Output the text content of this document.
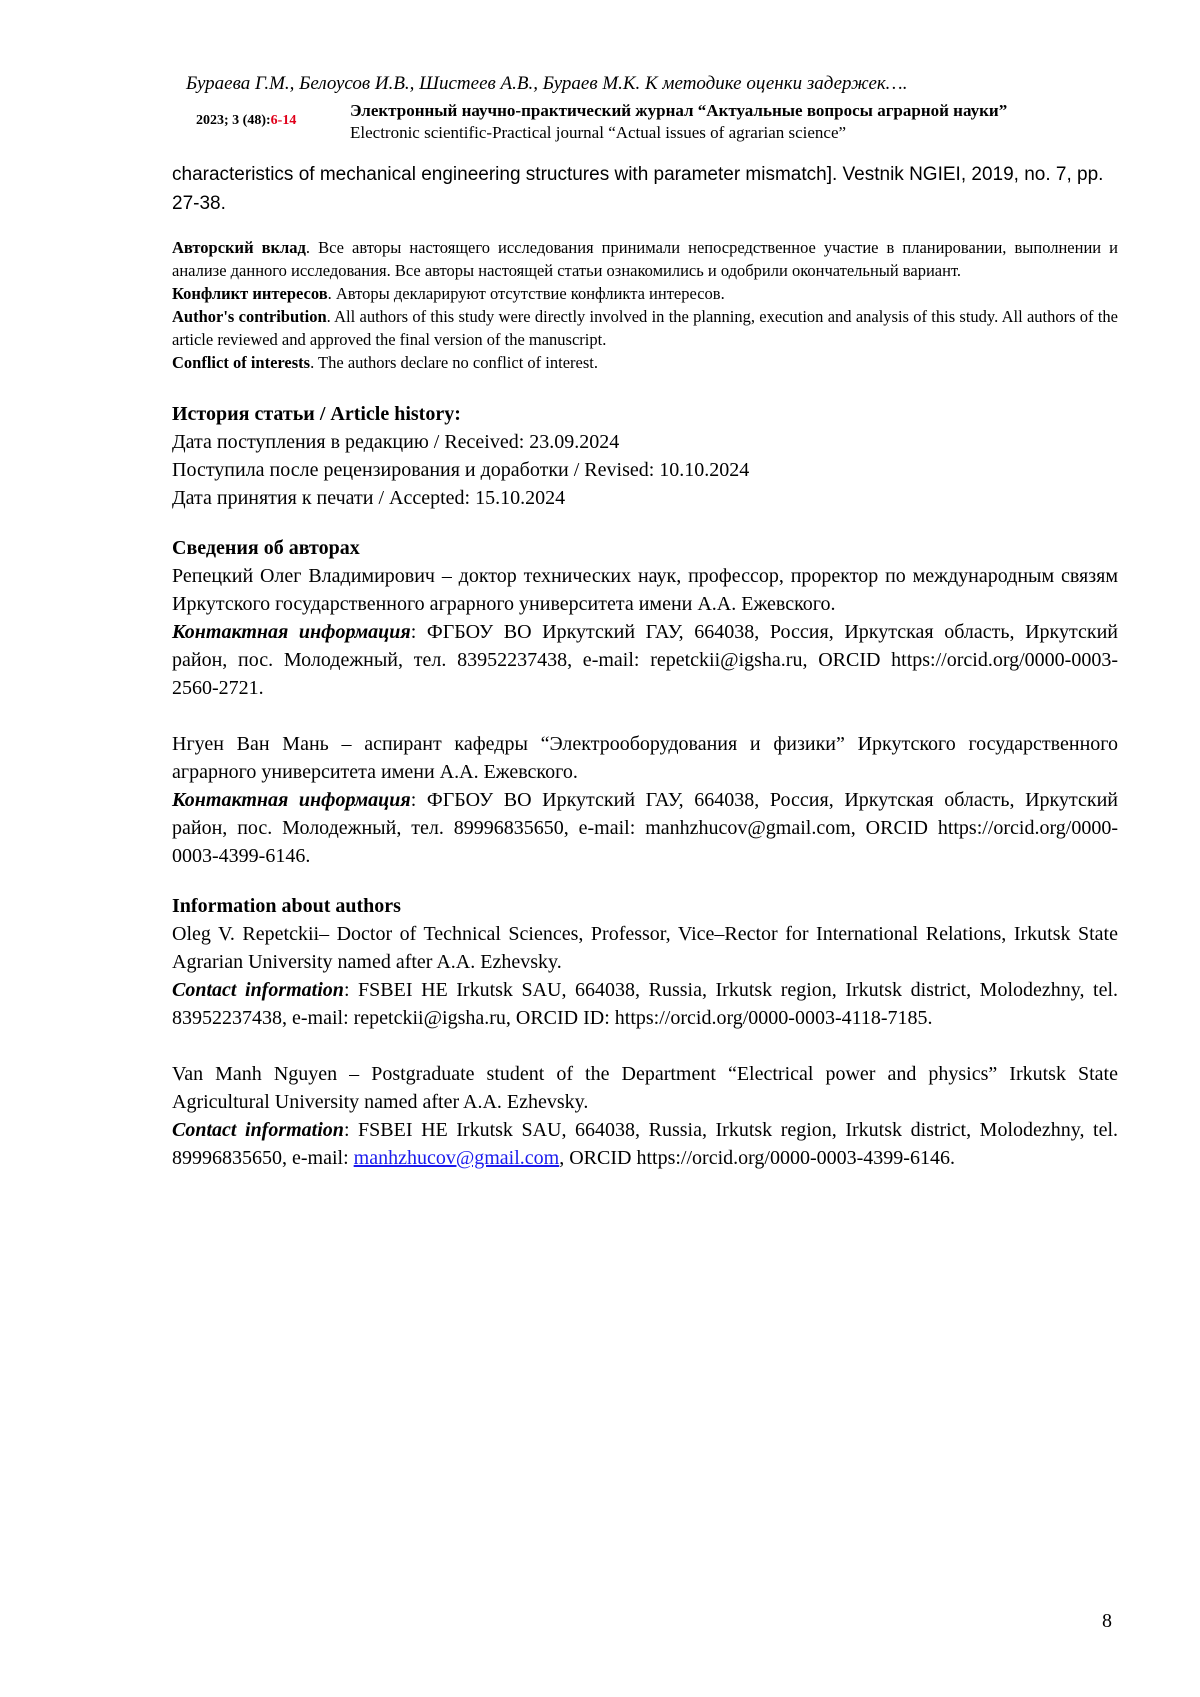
Бураева Г.М., Белоусов И.В., Шистеев А.В., Бураев М.К. К методике оценки задержек….
2023; 3 (48):6-14
Электронный научно-практический журнал “Актуальные вопросы аграрной науки”
Electronic scientific-Practical journal “Actual issues of agrarian science”

characteristics of mechanical engineering structures with parameter mismatch]. Vestnik NGIEI, 2019, no. 7, pp. 27-38.

Авторский вклад. Все авторы настоящего исследования принимали непосредственное участие в планировании, выполнении и анализе данного исследования. Все авторы настоящей статьи ознакомились и одобрили окончательный вариант.

Конфликт интересов. Авторы декларируют отсутствие конфликта интересов.

Author's contribution. All authors of this study were directly involved in the planning, execution and analysis of this study. All authors of the article reviewed and approved the final version of the manuscript.

Conflict of interests. The authors declare no conflict of interest.

История статьи / Article history:

Дата поступления в редакцию / Received: 23.09.2024

Поступила после рецензирования и доработки / Revised: 10.10.2024

Дата принятия к печати / Accepted: 15.10.2024

Сведения об авторах

Репецкий Олег Владимирович – доктор технических наук, профессор, проректор по международным связям Иркутского государственного аграрного университета имени А.А. Ежевского.

Контактная информация: ФГБОУ ВО Иркутский ГАУ, 664038, Россия, Иркутская область, Иркутский район, пос. Молодежный, тел. 83952237438, e-mail: repetckii@igsha.ru, ORCID https://orcid.org/0000-0003-2560-2721.

Нгуен Ван Мань – аспирант кафедры “Электрооборудования и физики” Иркутского государственного аграрного университета имени А.А. Ежевского.

Контактная информация: ФГБОУ ВО Иркутский ГАУ, 664038, Россия, Иркутская область, Иркутский район, пос. Молодежный, тел. 89996835650, e-mail: manhzhucov@gmail.com, ORCID https://orcid.org/0000-0003-4399-6146.

Information about authors

Oleg V. Repetckii– Doctor of Technical Sciences, Professor, Vice–Rector for International Relations, Irkutsk State Agrarian University named after A.A. Ezhevsky.

Contact information: FSBEI HE Irkutsk SAU, 664038, Russia, Irkutsk region, Irkutsk district, Molodezhny, tel. 83952237438, e-mail: repetckii@igsha.ru, ORCID ID: https://orcid.org/0000-0003-4118-7185.

Van Manh Nguyen – Postgraduate student of the Department “Electrical power and physics” Irkutsk State Agricultural University named after A.A. Ezhevsky.

Contact information: FSBEI HE Irkutsk SAU, 664038, Russia, Irkutsk region, Irkutsk district, Molodezhny, tel. 89996835650, e-mail: manhzhucov@gmail.com, ORCID https://orcid.org/0000-0003-4399-6146.

8
